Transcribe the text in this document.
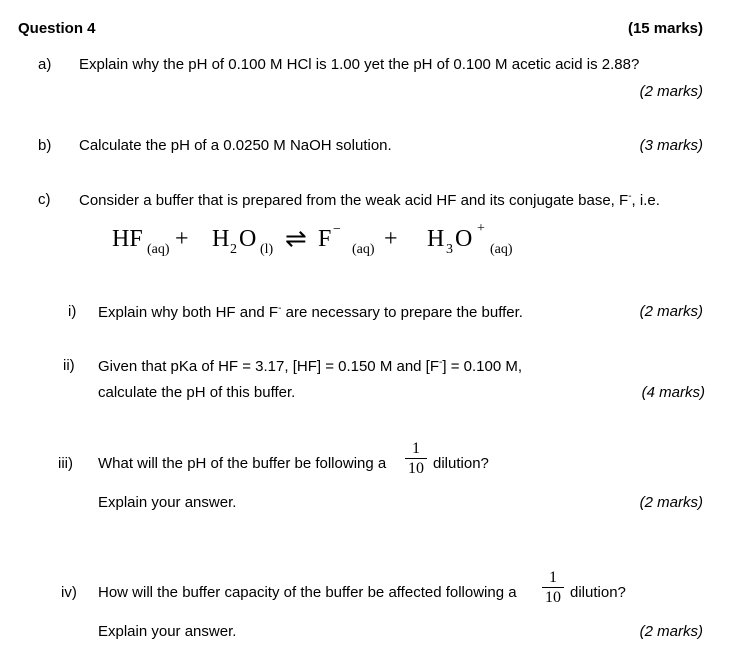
Question 4	(15 marks)
a) Explain why the pH of 0.100 M HCl is 1.00 yet the pH of 0.100 M acetic acid is 2.88?
(2 marks)
b) Calculate the pH of a 0.0250 M NaOH solution.	(3 marks)
c) Consider a buffer that is prepared from the weak acid HF and its conjugate base, F-, i.e.
HF (aq) + H 2 O (l) ⇌ F −
(aq) + H 3 O +
(aq)
i) Explain why both HF and F- are necessary to prepare the buffer.	(2 marks)
ii) Given that pKa of HF = 3.17, [HF] = 0.150 M and [F-] = 0.100 M,
calculate the pH of this buffer.	(4 marks)
iii) What will the pH of the buffer be following a
1
10 dilution?
Explain your answer.	(2 marks)
iv) How will the buffer capacity of the buffer be affected following a
1
10 dilution?
Explain your answer.	(2 marks)
